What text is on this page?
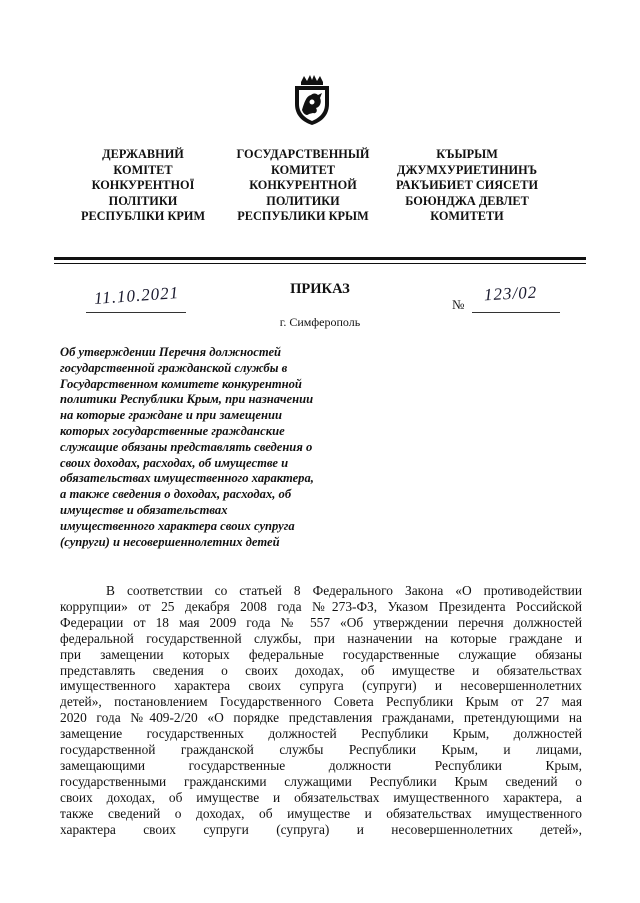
ДЕРЖАВНИЙ
КОМІТЕТ
КОНКУРЕНТНОЇ
ПОЛІТИКИ
РЕСПУБЛІКИ КРИМ
ГОСУДАРСТВЕННЫЙ
КОМИТЕТ
КОНКУРЕНТНОЙ
ПОЛИТИКИ
РЕСПУБЛИКИ КРЫМ
КЪЫРЫМ
ДЖУМХУРИЕТИНИНЪ
РАКЪИБИЕТ СИЯСЕТИ
БОЮНДЖА ДЕВЛЕТ
КОМИТЕТИ
ПРИКАЗ
11.10.2021	№
123/02
г. Симферополь
Об утверждении Перечня должностей
государственной гражданской службы в
Государственном комитете конкурентной
политики Республики Крым, при назначении
на которые граждане и при замещении
которых государственные гражданские
служащие обязаны представлять сведения о
своих доходах, расходах, об имуществе и
обязательствах имущественного характера,
а также сведения о доходах, расходах, об
имуществе и обязательствах
имущественного характера своих супруга
(супруги) и несовершеннолетних детей
В соответствии со статьей 8 Федерального Закона «О противодействии
коррупции» от 25 декабря 2008 года №273-ФЗ, Указом Президента Российской
Федерации от 18 мая 2009 года № 557 «Об утверждении перечня должностей
федеральной государственной службы, при назначении на которые граждане и
при замещении которых федеральные государственные служащие обязаны
представлять сведения о своих доходах, об имуществе и обязательствах
имущественного характера своих супруга (супруги) и несовершеннолетних
детей», постановлением Государственного Совета Республики Крым от 27 мая
2020 года №409-2/20 «О порядке представления гражданами, претендующими на
замещение государственных должностей Республики Крым, должностей
государственной гражданской службы Республики Крым, и лицами,
замещающими государственные должности Республики Крым,
государственными гражданскими служащими Республики Крым сведений о
своих доходах, об имуществе и обязательствах имущественного характера, а
также сведений о доходах, об имуществе и обязательствах имущественного
характера своих супруги (супруга) и несовершеннолетних детей»,
